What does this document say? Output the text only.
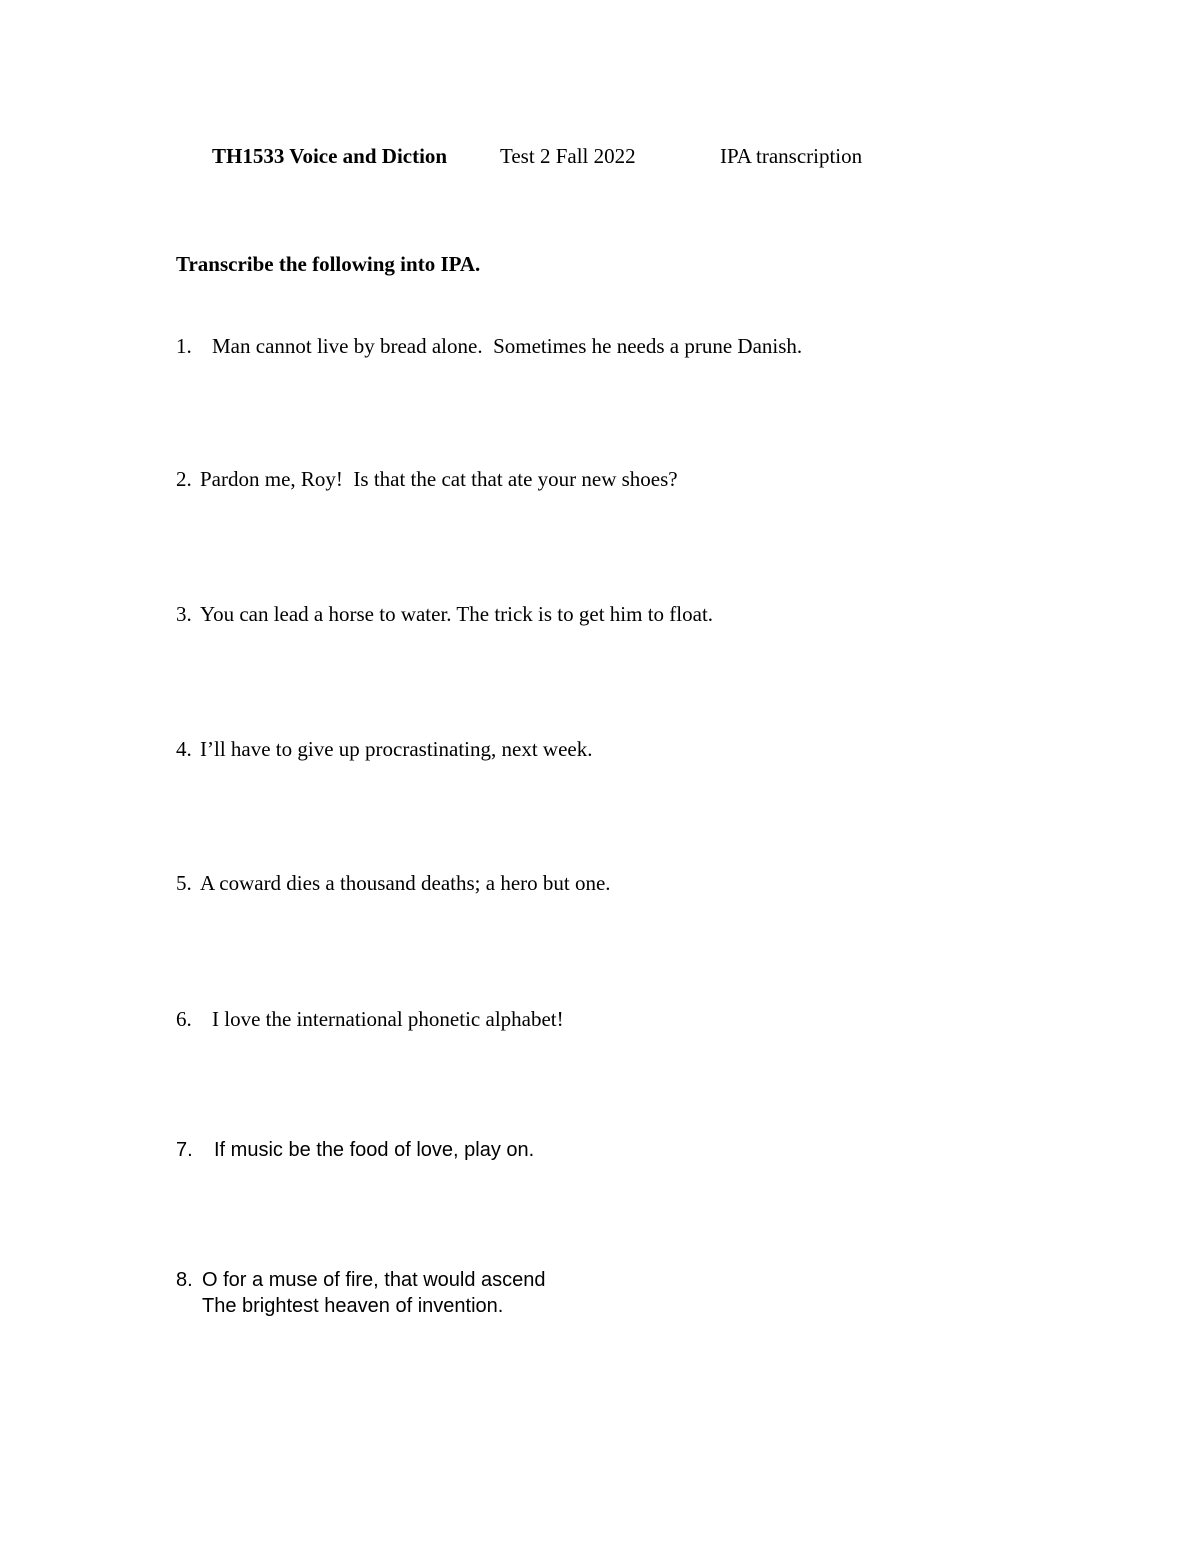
TH1533 Voice and Diction	Test 2 Fall 2022	IPA transcription
Transcribe the following into IPA.
1. Man cannot live by bread alone.  Sometimes he needs a prune Danish.
2. Pardon me, Roy!  Is that the cat that ate your new shoes?
3. You can lead a horse to water. The trick is to get him to float.
4. I’ll have to give up procrastinating, next week.
5. A coward dies a thousand deaths; a hero but one.
6. I love the international phonetic alphabet!
7. If music be the food of love, play on.
8. O for a muse of fire, that would ascend
The brightest heaven of invention.
